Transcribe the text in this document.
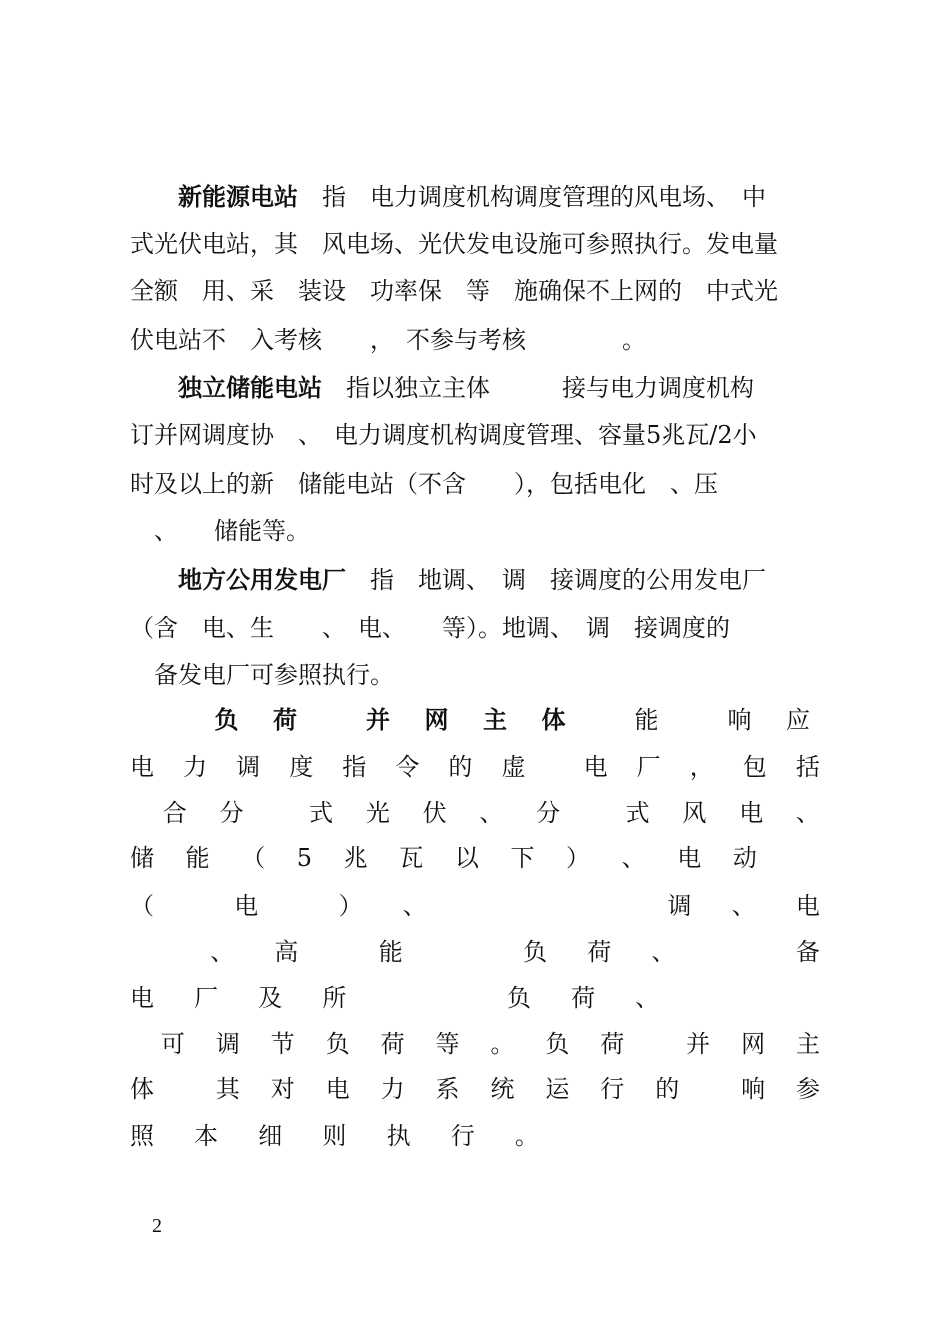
新能源电站　指　电力调度机构调度管理的风电场、　中
式光伏电站，其　风电场、光伏发电设施可参照执行。发电量
全额　用、采　装设　功率保　等　施确保不上网的　中式光
伏电站不　入考核　　，　不参与考核　　　　。
独立储能电站　指以独立主体　　　接与电力调度机构
订并网调度协　、　电力调度机构调度管理、容量5兆瓦/2小
时及以上的新　储能电站（不含　　），包括电化　、压
　、　　储能等。
地方公用发电厂　指　地调、　调　接调度的公用发电厂
（含　电、生　　、　电、　　等）。地调、　调　接调度的
　备发电厂可参照执行。
负 荷	并 网 主 体	能	响 应
电 力 调 度 指 令 的 虚 电 厂 ， 包 括
合 分	式 光 伏 、 分	式 风 电 、
储 能 （ 5 兆 瓦 以 下 ） 、 电 动
（	电	） 、	调 、 电
、 高	能	负 荷 、	备
电 厂 及 所	负 荷 、
可 调 节 负 荷 等 。 负 荷	并 网 主
体	其 对 电 力 系 统 运 行 的	响 参
照 本 细 则 执 行 。
2
